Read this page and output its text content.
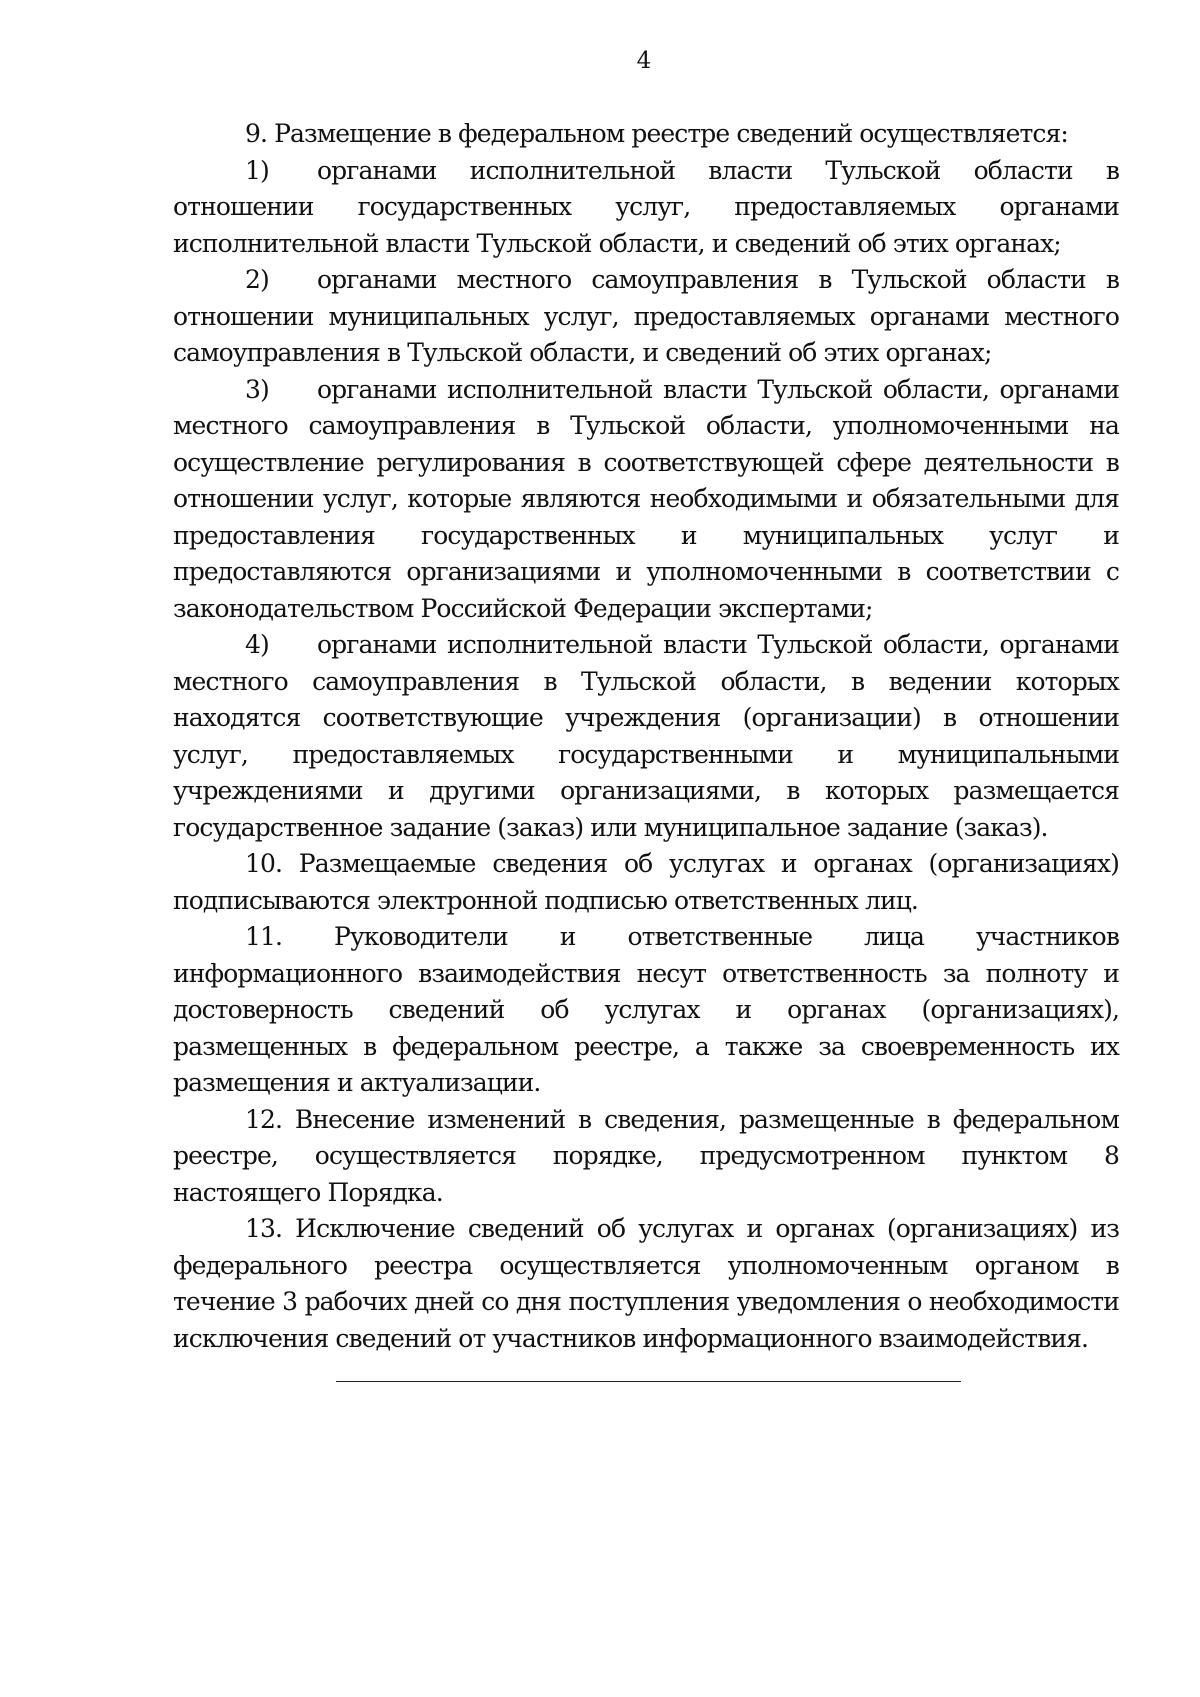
4

9. Размещение в федеральном реестре сведений осуществляется:

1) органами исполнительной власти Тульской области в отношении государственных услуг, предоставляемых органами исполнительной власти Тульской области, и сведений об этих органах;

2) органами местного самоуправления в Тульской области в отношении муниципальных услуг, предоставляемых органами местного самоуправления в Тульской области, и сведений об этих органах;

3) органами исполнительной власти Тульской области, органами местного самоуправления в Тульской области, уполномоченными на осуществление регулирования в соответствующей сфере деятельности в отношении услуг, которые являются необходимыми и обязательными для предоставления государственных и муниципальных услуг и предоставляются организациями и уполномоченными в соответствии с законодательством Российской Федерации экспертами;

4) органами исполнительной власти Тульской области, органами местного самоуправления в Тульской области, в ведении которых находятся соответствующие учреждения (организации) в отношении услуг, предоставляемых государственными и муниципальными учреждениями и другими организациями, в которых размещается государственное задание (заказ) или муниципальное задание (заказ).

10. Размещаемые сведения об услугах и органах (организациях) подписываются электронной подписью ответственных лиц.

11. Руководители и ответственные лица участников информационного взаимодействия несут ответственность за полноту и достоверность сведений об услугах и органах (организациях), размещенных в федеральном реестре, а также за своевременность их размещения и актуализации.

12. Внесение изменений в сведения, размещенные в федеральном реестре, осуществляется порядке, предусмотренном пунктом 8 настоящего Порядка.

13. Исключение сведений об услугах и органах (организациях) из федерального реестра осуществляется уполномоченным органом в течение 3 рабочих дней со дня поступления уведомления о необходимости исключения сведений от участников информационного взаимодействия.
